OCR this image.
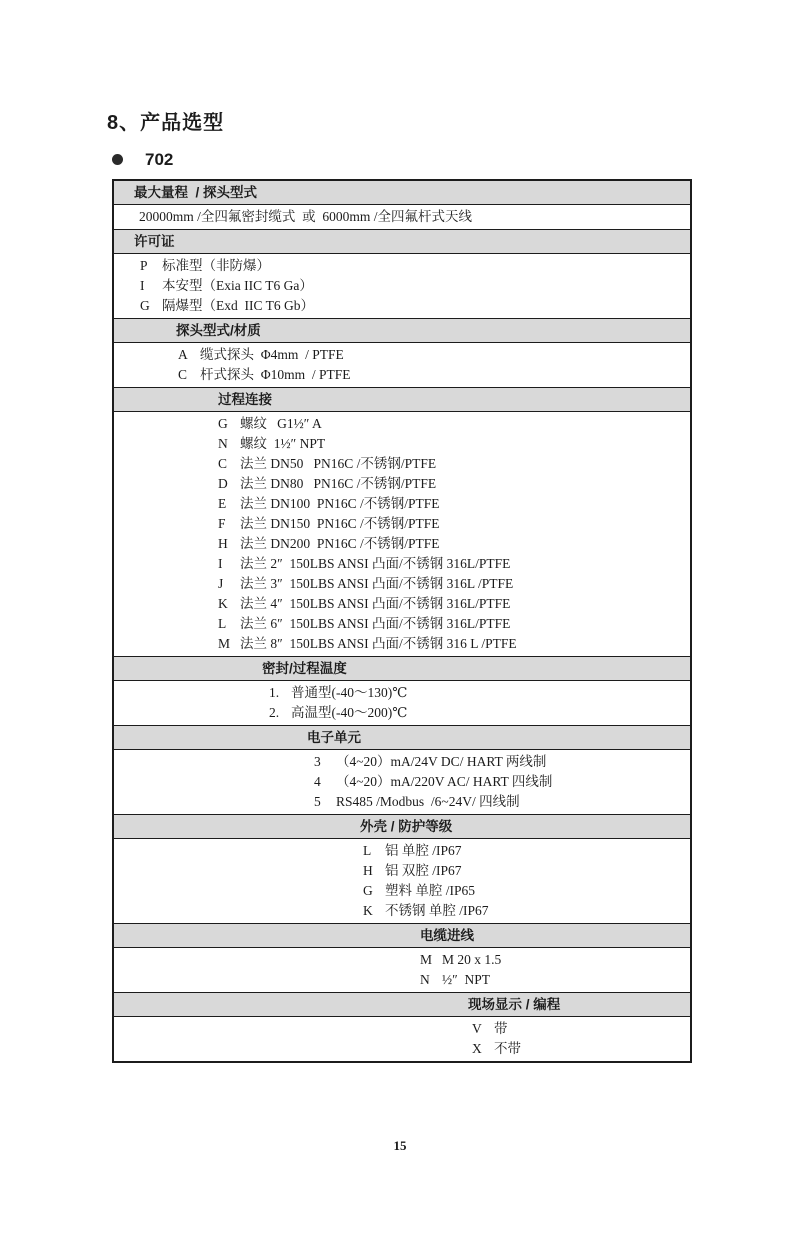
8、产品选型
702
最大量程  / 探头型式
20000mm /全四氟密封缆式  或  6000mm /全四氟杆式天线
许可证
P 标准型（非防爆）
I 本安型（Exia IIC T6 Ga）
G 隔爆型（Exd  IIC T6 Gb）
探头型式/材质
A 缆式探头  Φ4mm  / PTFE
C 杆式探头  Φ10mm  / PTFE
过程连接
G 螺纹   G1½″ A
N 螺纹  1½″ NPT
C 法兰 DN50   PN16C /不锈钢/PTFE
D 法兰 DN80   PN16C /不锈钢/PTFE
E 法兰 DN100  PN16C /不锈钢/PTFE
F 法兰 DN150  PN16C /不锈钢/PTFE
H 法兰 DN200  PN16C /不锈钢/PTFE
I 法兰 2″  150LBS ANSI 凸面/不锈钢 316L/PTFE
J 法兰 3″  150LBS ANSI 凸面/不锈钢 316L /PTFE
K 法兰 4″  150LBS ANSI 凸面/不锈钢 316L/PTFE
L 法兰 6″  150LBS ANSI 凸面/不锈钢 316L/PTFE
M 法兰 8″  150LBS ANSI 凸面/不锈钢 316 L /PTFE
密封/过程温度
1. 普通型(-40～130)℃
2. 高温型(-40～200)℃
电子单元
3 （4~20）mA/24V DC/ HART 两线制
4 （4~20）mA/220V AC/ HART 四线制
5 RS485 /Modbus  /6~24V/ 四线制
外壳 / 防护等级
L 铝 单腔 /IP67
H 铝 双腔 /IP67
G 塑料 单腔 /IP65
K 不锈钢 单腔 /IP67
电缆进线
M M 20 x 1.5
N ½″  NPT
现场显示 / 编程
V 带
X 不带
15
